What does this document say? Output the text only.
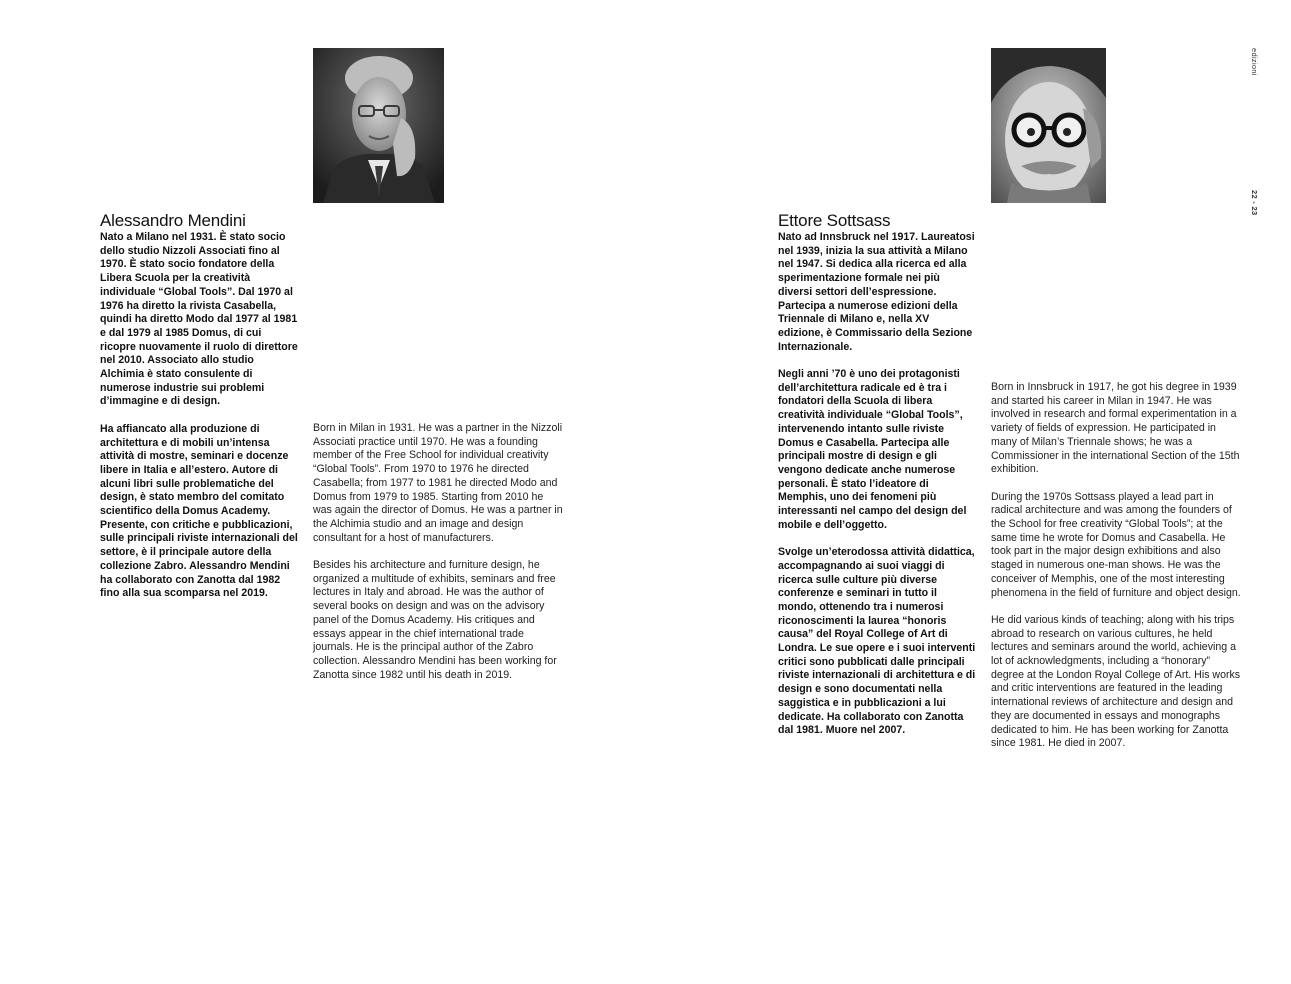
Alessandro Mendini

Nato a Milano nel 1931. È stato socio dello studio Nizzoli Associati fino al 1970. È stato socio fondatore della Libera Scuola per la creatività individuale “Global Tools”. Dal 1970 al 1976 ha diretto la rivista Casabella, quindi ha diretto Modo dal 1977 al 1981 e dal 1979 al 1985 Domus, di cui ricopre nuovamente il ruolo di direttore nel 2010. Associato allo studio Alchimia è stato consulente di numerose industrie sui problemi d’immagine e di design.

Ha affiancato alla produzione di architettura e di mobili un’intensa attività di mostre, seminari e docenze libere in Italia e all’estero. Autore di alcuni libri sulle problematiche del design, è stato membro del comitato scientifico della Domus Academy. Presente, con critiche e pubblicazioni, sulle principali riviste internazionali del settore, è il principale autore della collezione Zabro. Alessandro Mendini ha collaborato con Zanotta dal 1982 fino alla sua scomparsa nel 2019.

Born in Milan in 1931. He was a partner in the Nizzoli Associati practice until 1970. He was a founding member of the Free School for individual creativity “Global Tools”. From 1970 to 1976 he directed Casabella; from 1977 to 1981 he directed Modo and Domus from 1979 to 1985. Starting from 2010 he was again the director of Domus. He was a partner in the Alchimia studio and an image and design consultant for a host of manufacturers.

Besides his architecture and furniture design, he organized a multitude of exhibits, seminars and free lectures in Italy and abroad. He was the author of several books on design and was on the advisory panel of the Domus Academy. His critiques and essays appear in the chief international trade journals. He is the principal author of the Zabro collection. Alessandro Mendini has been working for Zanotta since 1982 until his death in 2019.

Ettore Sottsass

Nato ad Innsbruck nel 1917. Laureatosi nel 1939, inizia la sua attività a Milano nel 1947. Si dedica alla ricerca ed alla sperimentazione formale nei più diversi settori dell’espressione. Partecipa a numerose edizioni della Triennale di Milano e, nella XV edizione, è Commissario della Sezione Internazionale.

Negli anni ’70 è uno dei protagonisti dell’architettura radicale ed è tra i fondatori della Scuola di libera creatività individuale “Global Tools”, intervenendo intanto sulle riviste Domus e Casabella. Partecipa alle principali mostre di design e gli vengono dedicate anche numerose personali. È stato l’ideatore di Memphis, uno dei fenomeni più interessanti nel campo del design del mobile e dell’oggetto.

Svolge un’eterodossa attività didattica, accompagnando ai suoi viaggi di ricerca sulle culture più diverse conferenze e seminari in tutto il mondo, ottenendo tra i numerosi riconoscimenti la laurea “honoris causa” del Royal College of Art di Londra. Le sue opere e i suoi interventi critici sono pubblicati dalle principali riviste internazionali di architettura e di design e sono documentati nella saggistica e in pubblicazioni a lui dedicate. Ha collaborato con Zanotta dal 1981. Muore nel 2007.

Born in Innsbruck in 1917, he got his degree in 1939 and started his career in Milan in 1947. He was involved in research and formal experimentation in a variety of fields of expression. He participated in many of Milan’s Triennale shows; he was a Commissioner in the international Section of the 15th exhibition.

During the 1970s Sottsass played a lead part in radical architecture and was among the founders of the School for free creativity “Global Tools”; at the same time he wrote for Domus and Casabella. He took part in the major design exhibitions and also staged in numerous one-man shows. He was the conceiver of Memphis, one of the most interesting phenomena in the field of furniture and object design.

He did various kinds of teaching; along with his trips abroad to research on various cultures, he held lectures and seminars around the world, achieving a lot of acknowledgments, including a “honorary” degree at the London Royal College of Art. His works and critic interventions are featured in the leading international reviews of architecture and design and they are documented in essays and monographs dedicated to him. He has been working for Zanotta since 1981. He died in 2007.

edizioni
22 - 23
